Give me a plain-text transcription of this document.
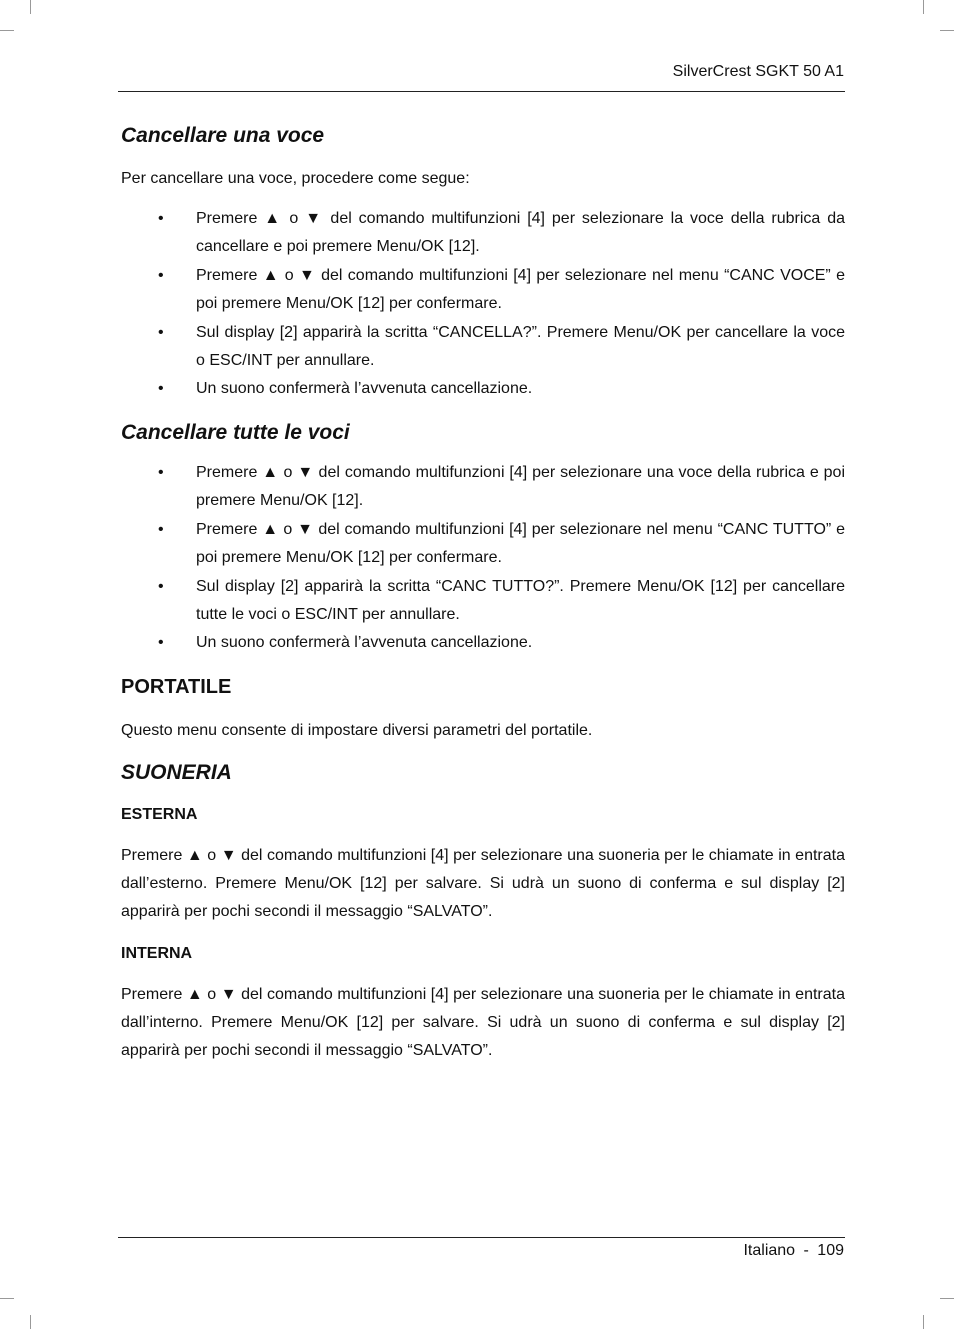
SilverCrest SGKT 50 A1
Cancellare una voce

Per cancellare una voce, procedere come segue:

• Premere ▲ o ▼ del comando multifunzioni [4] per selezionare la voce della rubrica da cancellare e poi premere Menu/OK [12].
• Premere ▲ o ▼ del comando multifunzioni [4] per selezionare nel menu “CANC VOCE” e poi premere Menu/OK [12] per confermare.
• Sul display [2] apparirà la scritta “CANCELLA?”. Premere Menu/OK per cancellare la voce o ESC/INT per annullare.
• Un suono confermerà l’avvenuta cancellazione.
Cancellare tutte le voci
• Premere ▲ o ▼ del comando multifunzioni [4] per selezionare una voce della rubrica e poi premere Menu/OK [12].
• Premere ▲ o ▼ del comando multifunzioni [4] per selezionare nel menu “CANC TUTTO” e poi premere Menu/OK [12] per confermare.
• Sul display [2] apparirà la scritta “CANC TUTTO?”. Premere Menu/OK [12] per cancellare tutte le voci o ESC/INT per annullare.
• Un suono confermerà l’avvenuta cancellazione.
PORTATILE

Questo menu consente di impostare diversi parametri del portatile.

SUONERIA
ESTERNA

Premere ▲ o ▼ del comando multifunzioni [4] per selezionare una suoneria per le chiamate in entrata dall’esterno. Premere Menu/OK [12] per salvare. Si udrà un suono di conferma e sul display [2] apparirà per pochi secondi il messaggio “SALVATO”.

INTERNA

Premere ▲ o ▼ del comando multifunzioni [4] per selezionare una suoneria per le chiamate in entrata dall’interno. Premere Menu/OK [12] per salvare. Si udrà un suono di conferma e sul display [2] apparirà per pochi secondi il messaggio “SALVATO”.

Italiano - 109
